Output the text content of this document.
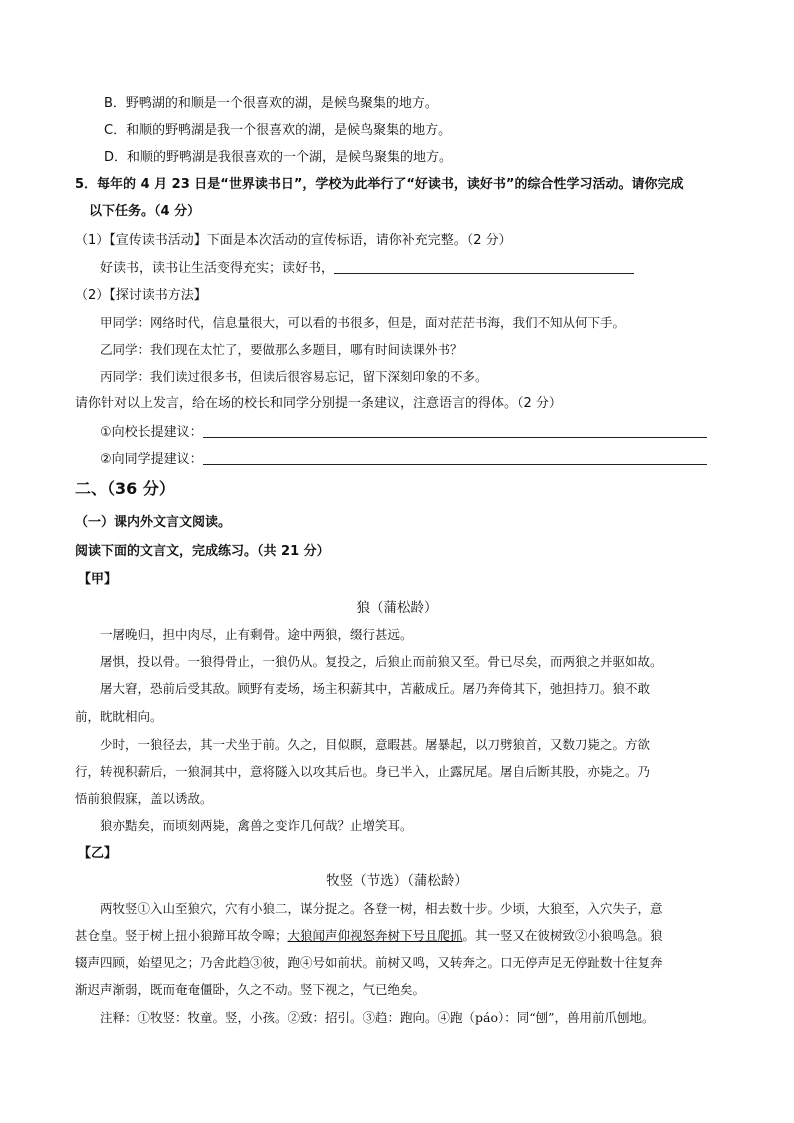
B．野鸭湖的和顺是一个很喜欢的湖，是候鸟聚集的地方。
C．和顺的野鸭湖是我一个很喜欢的湖，是候鸟聚集的地方。
D．和顺的野鸭湖是我很喜欢的一个湖，是候鸟聚集的地方。
5．每年的 4 月 23 日是“世界读书日”，学校为此举行了“好读书，读好书”的综合性学习活动。请你完成
以下任务。（4 分）
（1）【宣传读书活动】下面是本次活动的宣传标语，请你补充完整。（2 分）
好读书，读书让生活变得充实；读好书，
（2）【探讨读书方法】
甲同学：网络时代，信息量很大，可以看的书很多，但是，面对茫茫书海，我们不知从何下手。
乙同学：我们现在太忙了，要做那么多题目，哪有时间读课外书？
丙同学：我们读过很多书，但读后很容易忘记，留下深刻印象的不多。
请你针对以上发言，给在场的校长和同学分别提一条建议，注意语言的得体。（2 分）
①向校长提建议：
②向同学提建议：
二、（36 分）
（一）课内外文言文阅读。
阅读下面的文言文，完成练习。（共 21 分）
【甲】
狼（蒲松龄）
一屠晚归，担中肉尽，止有剩骨。途中两狼，缀行甚远。
屠惧，投以骨。一狼得骨止，一狼仍从。复投之，后狼止而前狼又至。骨已尽矣，而两狼之并驱如故。
屠大窘，恐前后受其敌。顾野有麦场，场主积薪其中，苫蔽成丘。屠乃奔倚其下，弛担持刀。狼不敢
前，眈眈相向。
少时，一狼径去，其一犬坐于前。久之，目似瞑，意暇甚。屠暴起，以刀劈狼首，又数刀毙之。方欲
行，转视积薪后，一狼洞其中，意将隧入以攻其后也。身已半入，止露尻尾。屠自后断其股，亦毙之。乃
悟前狼假寐，盖以诱敌。
狼亦黠矣，而顷刻两毙，禽兽之变诈几何哉？止增笑耳。
【乙】
牧竖（节选）（蒲松龄）
两牧竖①入山至狼穴，穴有小狼二，谋分捉之。各登一树，相去数十步。少顷，大狼至，入穴失子，意
甚仓皇。竖于树上扭小狼蹄耳故令嗥；大狼闻声仰视怒奔树下号且爬抓。其一竖又在彼树致②小狼鸣急。狼
辍声四顾，始望见之；乃舍此趋③彼，跑④号如前状。前树又鸣，又转奔之。口无停声足无停趾数十往复奔
渐迟声渐弱，既而奄奄僵卧，久之不动。竖下视之，气已绝矣。
注释：①牧竖：牧童。竖，小孩。②致：招引。③趋：跑向。④跑（páo）：同“刨”，兽用前爪刨地。
